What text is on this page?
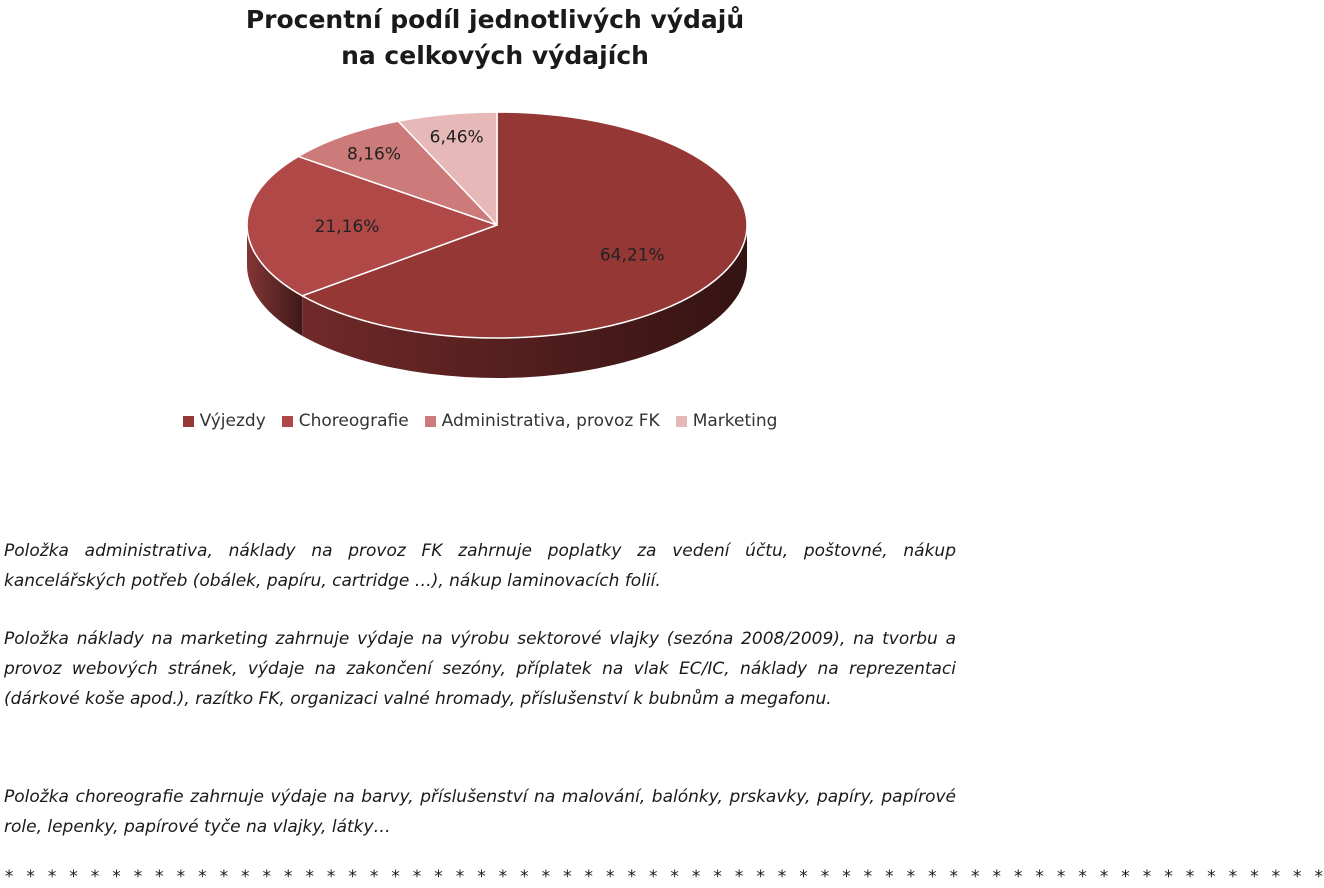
Procentní podíl jednotlivých výdajů
na celkových výdajích
64,21%
21,16%
8,16%
6,46%
Výjezdy Choreografie Administrativa, provoz FK Marketing

Položka administrativa, náklady na provoz FK zahrnuje poplatky za vedení účtu, poštovné, nákup kancelářských potřeb (obálek, papíru, cartridge …), nákup laminovacích folií.

Položka náklady na marketing zahrnuje výdaje na výrobu sektorové vlajky (sezóna 2008/2009), na tvorbu a provoz webových stránek, výdaje na zakončení sezóny, příplatek na vlak EC/IC, náklady na reprezentaci (dárkové koše apod.), razítko FK, organizaci valné hromady, příslušenství k bubnům a megafonu.

Položka choreografie zahrnuje výdaje na barvy, příslušenství na malování, balónky, prskavky, papíry, papírové role, lepenky, papírové tyče na vlajky, látky…

* * * * * * * * * * * * * * * * * * * * * * * * * * * * * * * * * * * * * * * * * * * * * * * * * * * * * * * * * * * * * *
